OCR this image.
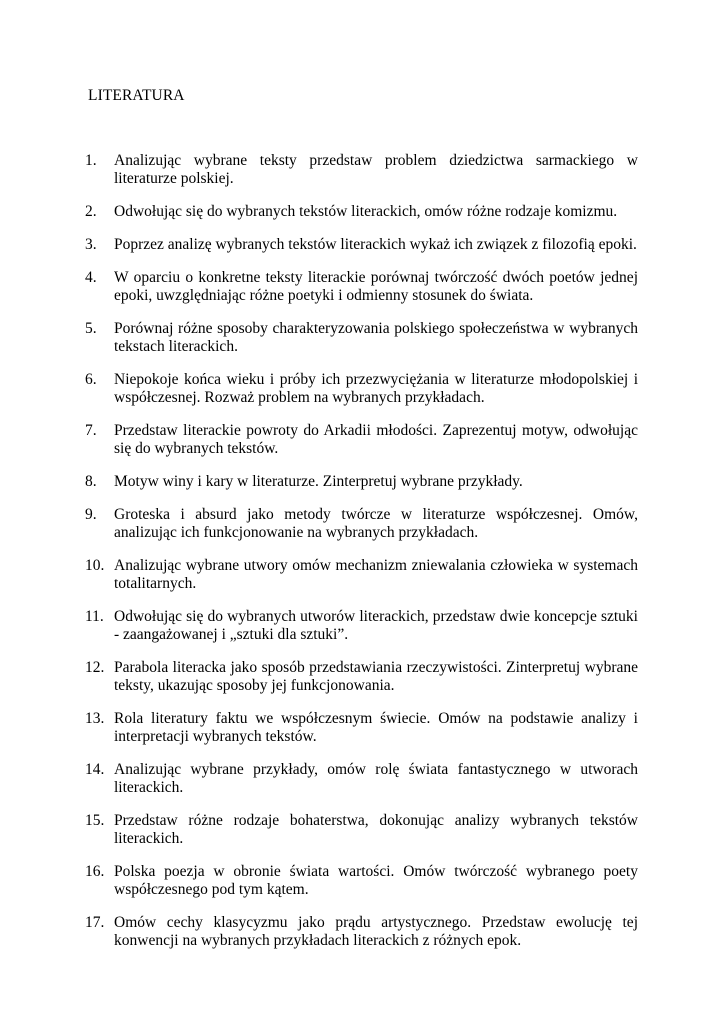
LITERATURA
1.	Analizując wybrane teksty przedstaw problem dziedzictwa sarmackiego w literaturze polskiej.
2.	Odwołując się do wybranych tekstów literackich, omów różne rodzaje komizmu.
3.	Poprzez analizę wybranych tekstów literackich wykaż ich związek z filozofią epoki.
4.	W oparciu o konkretne teksty literackie porównaj twórczość dwóch poetów jednej epoki, uwzględniając różne poetyki i odmienny stosunek do świata.
5.	Porównaj różne sposoby charakteryzowania polskiego społeczeństwa w wybranych tekstach literackich.
6.	Niepokoje końca wieku i próby ich przezwyciężania w literaturze młodopolskiej i współczesnej. Rozważ problem na wybranych przykładach.
7.	Przedstaw literackie powroty do Arkadii młodości. Zaprezentuj motyw, odwołując się do wybranych tekstów.
8.	Motyw winy i kary w literaturze. Zinterpretuj wybrane przykłady.
9.	Groteska i absurd jako metody twórcze w literaturze współczesnej. Omów, analizując ich funkcjonowanie na wybranych przykładach.
10. Analizując wybrane utwory omów mechanizm zniewalania człowieka w systemach totalitarnych.
11. Odwołując się do wybranych utworów literackich, przedstaw dwie koncepcje sztuki - zaangażowanej i „sztuki dla sztuki”.
12. Parabola literacka jako sposób przedstawiania rzeczywistości. Zinterpretuj wybrane teksty, ukazując sposoby jej funkcjonowania.
13. Rola literatury faktu we współczesnym świecie. Omów na podstawie analizy i interpretacji wybranych tekstów.
14. Analizując wybrane przykłady, omów rolę świata fantastycznego w utworach literackich.
15. Przedstaw różne rodzaje bohaterstwa, dokonując analizy wybranych tekstów literackich.
16. Polska poezja w obronie świata wartości. Omów twórczość wybranego poety współczesnego pod tym kątem.
17. Omów cechy klasycyzmu jako prądu artystycznego. Przedstaw ewolucję tej konwencji na wybranych przykładach literackich z różnych epok.
